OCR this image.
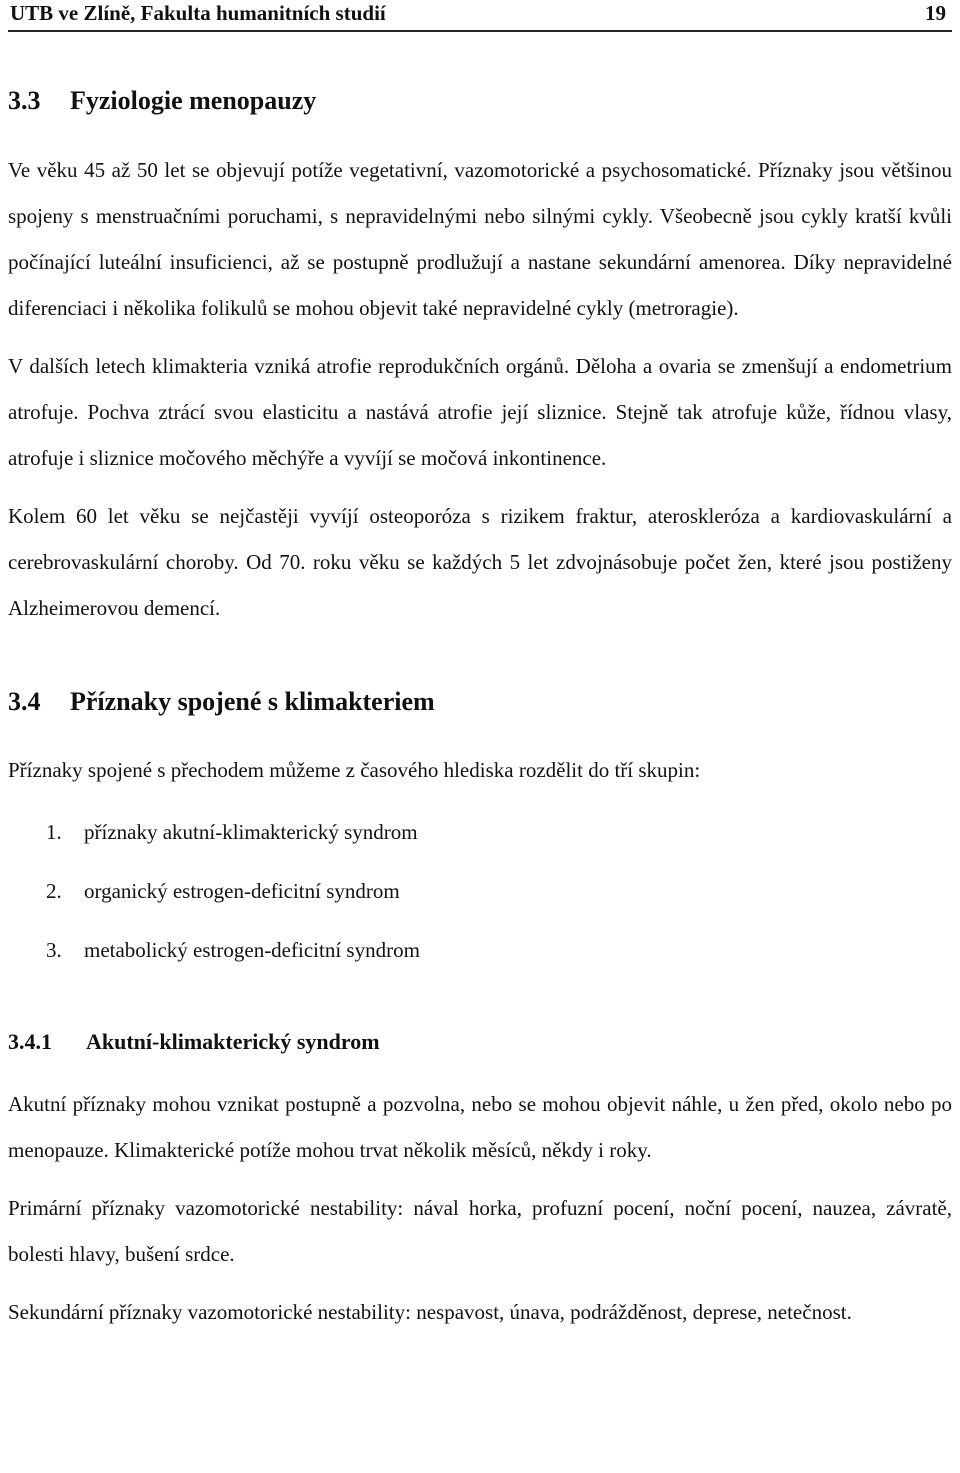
UTB ve Zlíně, Fakulta humanitních studií	19
3.3 Fyziologie menopauzy

Ve věku 45 až 50 let se objevují potíže vegetativní, vazomotorické a psychosomatické. Příznaky jsou většinou spojeny s menstruačními poruchami, s nepravidelnými nebo silnými cykly. Všeobecně jsou cykly kratší kvůli počínající luteální insuficienci, až se postupně prodlužují a nastane sekundární amenorea. Díky nepravidelné diferenciaci i několika folikulů se mohou objevit také nepravidelné cykly (metroragie).

V dalších letech klimakteria vzniká atrofie reprodukčních orgánů. Děloha a ovaria se zmenšují a endometrium atrofuje. Pochva ztrácí svou elasticitu a nastává atrofie její sliznice. Stejně tak atrofuje kůže, řídnou vlasy, atrofuje i sliznice močového měchýře a vyvíjí se močová inkontinence.

Kolem 60 let věku se nejčastěji vyvíjí osteoporóza s rizikem fraktur, ateroskleróza a kardiovaskulární a cerebrovaskulární choroby. Od 70. roku věku se každých 5 let zdvojnásobuje počet žen, které jsou postiženy Alzheimerovou demencí.

3.4 Příznaky spojené s klimakteriem

Příznaky spojené s přechodem můžeme z časového hlediska rozdělit do tří skupin:

1. příznaky akutní-klimakterický syndrom
2. organický estrogen-deficitní syndrom
3. metabolický estrogen-deficitní syndrom
3.4.1 Akutní-klimakterický syndrom

Akutní příznaky mohou vznikat postupně a pozvolna, nebo se mohou objevit náhle, u žen před, okolo nebo po menopauze. Klimakterické potíže mohou trvat několik měsíců, někdy i roky.

Primární příznaky vazomotorické nestability: nával horka, profuzní pocení, noční pocení, nauzea, závratě, bolesti hlavy, bušení srdce.

Sekundární příznaky vazomotorické nestability: nespavost, únava, podrážděnost, deprese, netečnost.
